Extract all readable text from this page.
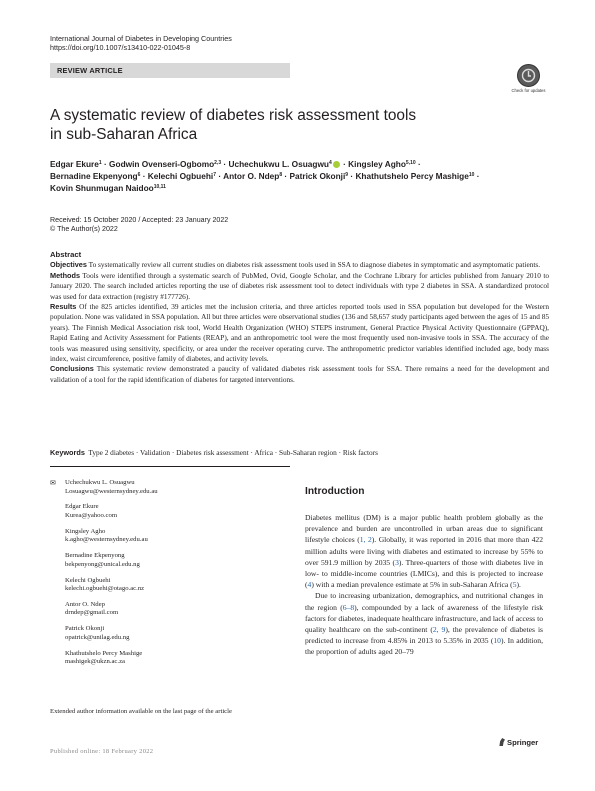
International Journal of Diabetes in Developing Countries
https://doi.org/10.1007/s13410-022-01045-8
REVIEW ARTICLE
Check for updates
A systematic review of diabetes risk assessment tools
in sub-Saharan Africa
Edgar Ekure$^1$ · Godwin Ovenseri-Ogbomo$^{2,3}$ · Uchechukwu L. Osuagwu$^4$ · Kingsley Agho$^{5,10}$ ·
Bernadine Ekpenyong$^6$ · Kelechi Ogbuehi$^7$ · Antor O. Ndep$^8$ · Patrick Okonji$^9$ · Khathutshelo Percy Mashige$^{10}$ ·
Kovin Shunmugan Naidoo$^{10,11}$
Received: 15 October 2020 / Accepted: 23 January 2022
© The Author(s) 2022
Abstract

Objectives To systematically review all current studies on diabetes risk assessment tools used in SSA to diagnose diabetes in symptomatic and asymptomatic patients.

Methods Tools were identified through a systematic search of PubMed, Ovid, Google Scholar, and the Cochrane Library for articles published from January 2010 to January 2020. The search included articles reporting the use of diabetes risk assessment tool to detect individuals with type 2 diabetes in SSA. A standardized protocol was used for data extraction (registry #177726).

Results Of the 825 articles identified, 39 articles met the inclusion criteria, and three articles reported tools used in SSA population but developed for the Western population. None was validated in SSA population. All but three articles were observational studies (136 and 58,657 study participants aged between the ages of 15 and 85 years). The Finnish Medical Association risk tool, World Health Organization (WHO) STEPS instrument, General Practice Physical Activity Questionnaire (GPPAQ), Rapid Eating and Activity Assessment for Patients (REAP), and an anthropometric tool were the most frequently used non-invasive tools in SSA. The accuracy of the tools was measured using sensitivity, specificity, or area under the receiver operating curve. The anthropometric predictor variables identified included age, body mass index, waist circumference, positive family of diabetes, and activity levels.

Conclusions This systematic review demonstrated a paucity of validated diabetes risk assessment tools for SSA. There remains a need for the development and validation of a tool for the rapid identification of diabetes for targeted interventions.

Keywords Type 2 diabetes · Validation · Diabetes risk assessment · Africa · Sub-Saharan region · Risk factors
✉ Uchechukwu L. Osuagwu
Losuagwu@westernsydney.edu.au
Edgar Ekure
Kurea@yahoo.com
Kingsley Agho
k.agho@westernsydney.edu.au
Bernadine Ekpenyong
bekpenyong@unical.edu.ng
Kelechi Ogbuehi
kelechi.ogbuehi@otago.ac.nz
Antor O. Ndep
drndep@gmail.com
Patrick Okonji
opatrick@unilag.edu.ng
Khathutshelo Percy Mashige
mashigek@ukzn.ac.za
Extended author information available on the last page of the article
Introduction

Diabetes mellitus (DM) is a major public health problem globally as the prevalence and burden are uncontrolled in urban areas due to significant lifestyle choices (1, 2). Globally, it was reported in 2016 that more than 422 million adults were living with diabetes and estimated to increase by 55% to over 591.9 million by 2035 (3). Three-quarters of those with diabetes live in low- to middle-income countries (LMICs), and this is projected to increase (4) with a median prevalence estimate at 5% in sub-Saharan Africa (5).

Due to increasing urbanization, demographics, and nutritional changes in the region (6–8), compounded by a lack of awareness of the lifestyle risk factors for diabetes, inadequate healthcare infrastructure, and lack of access to quality healthcare on the sub-continent (2, 9), the prevalence of diabetes is predicted to increase from 4.85% in 2013 to 5.35% in 2035 (10). In addition, the proportion of adults aged 20–79

Published online: 18 February 2022
Springer
